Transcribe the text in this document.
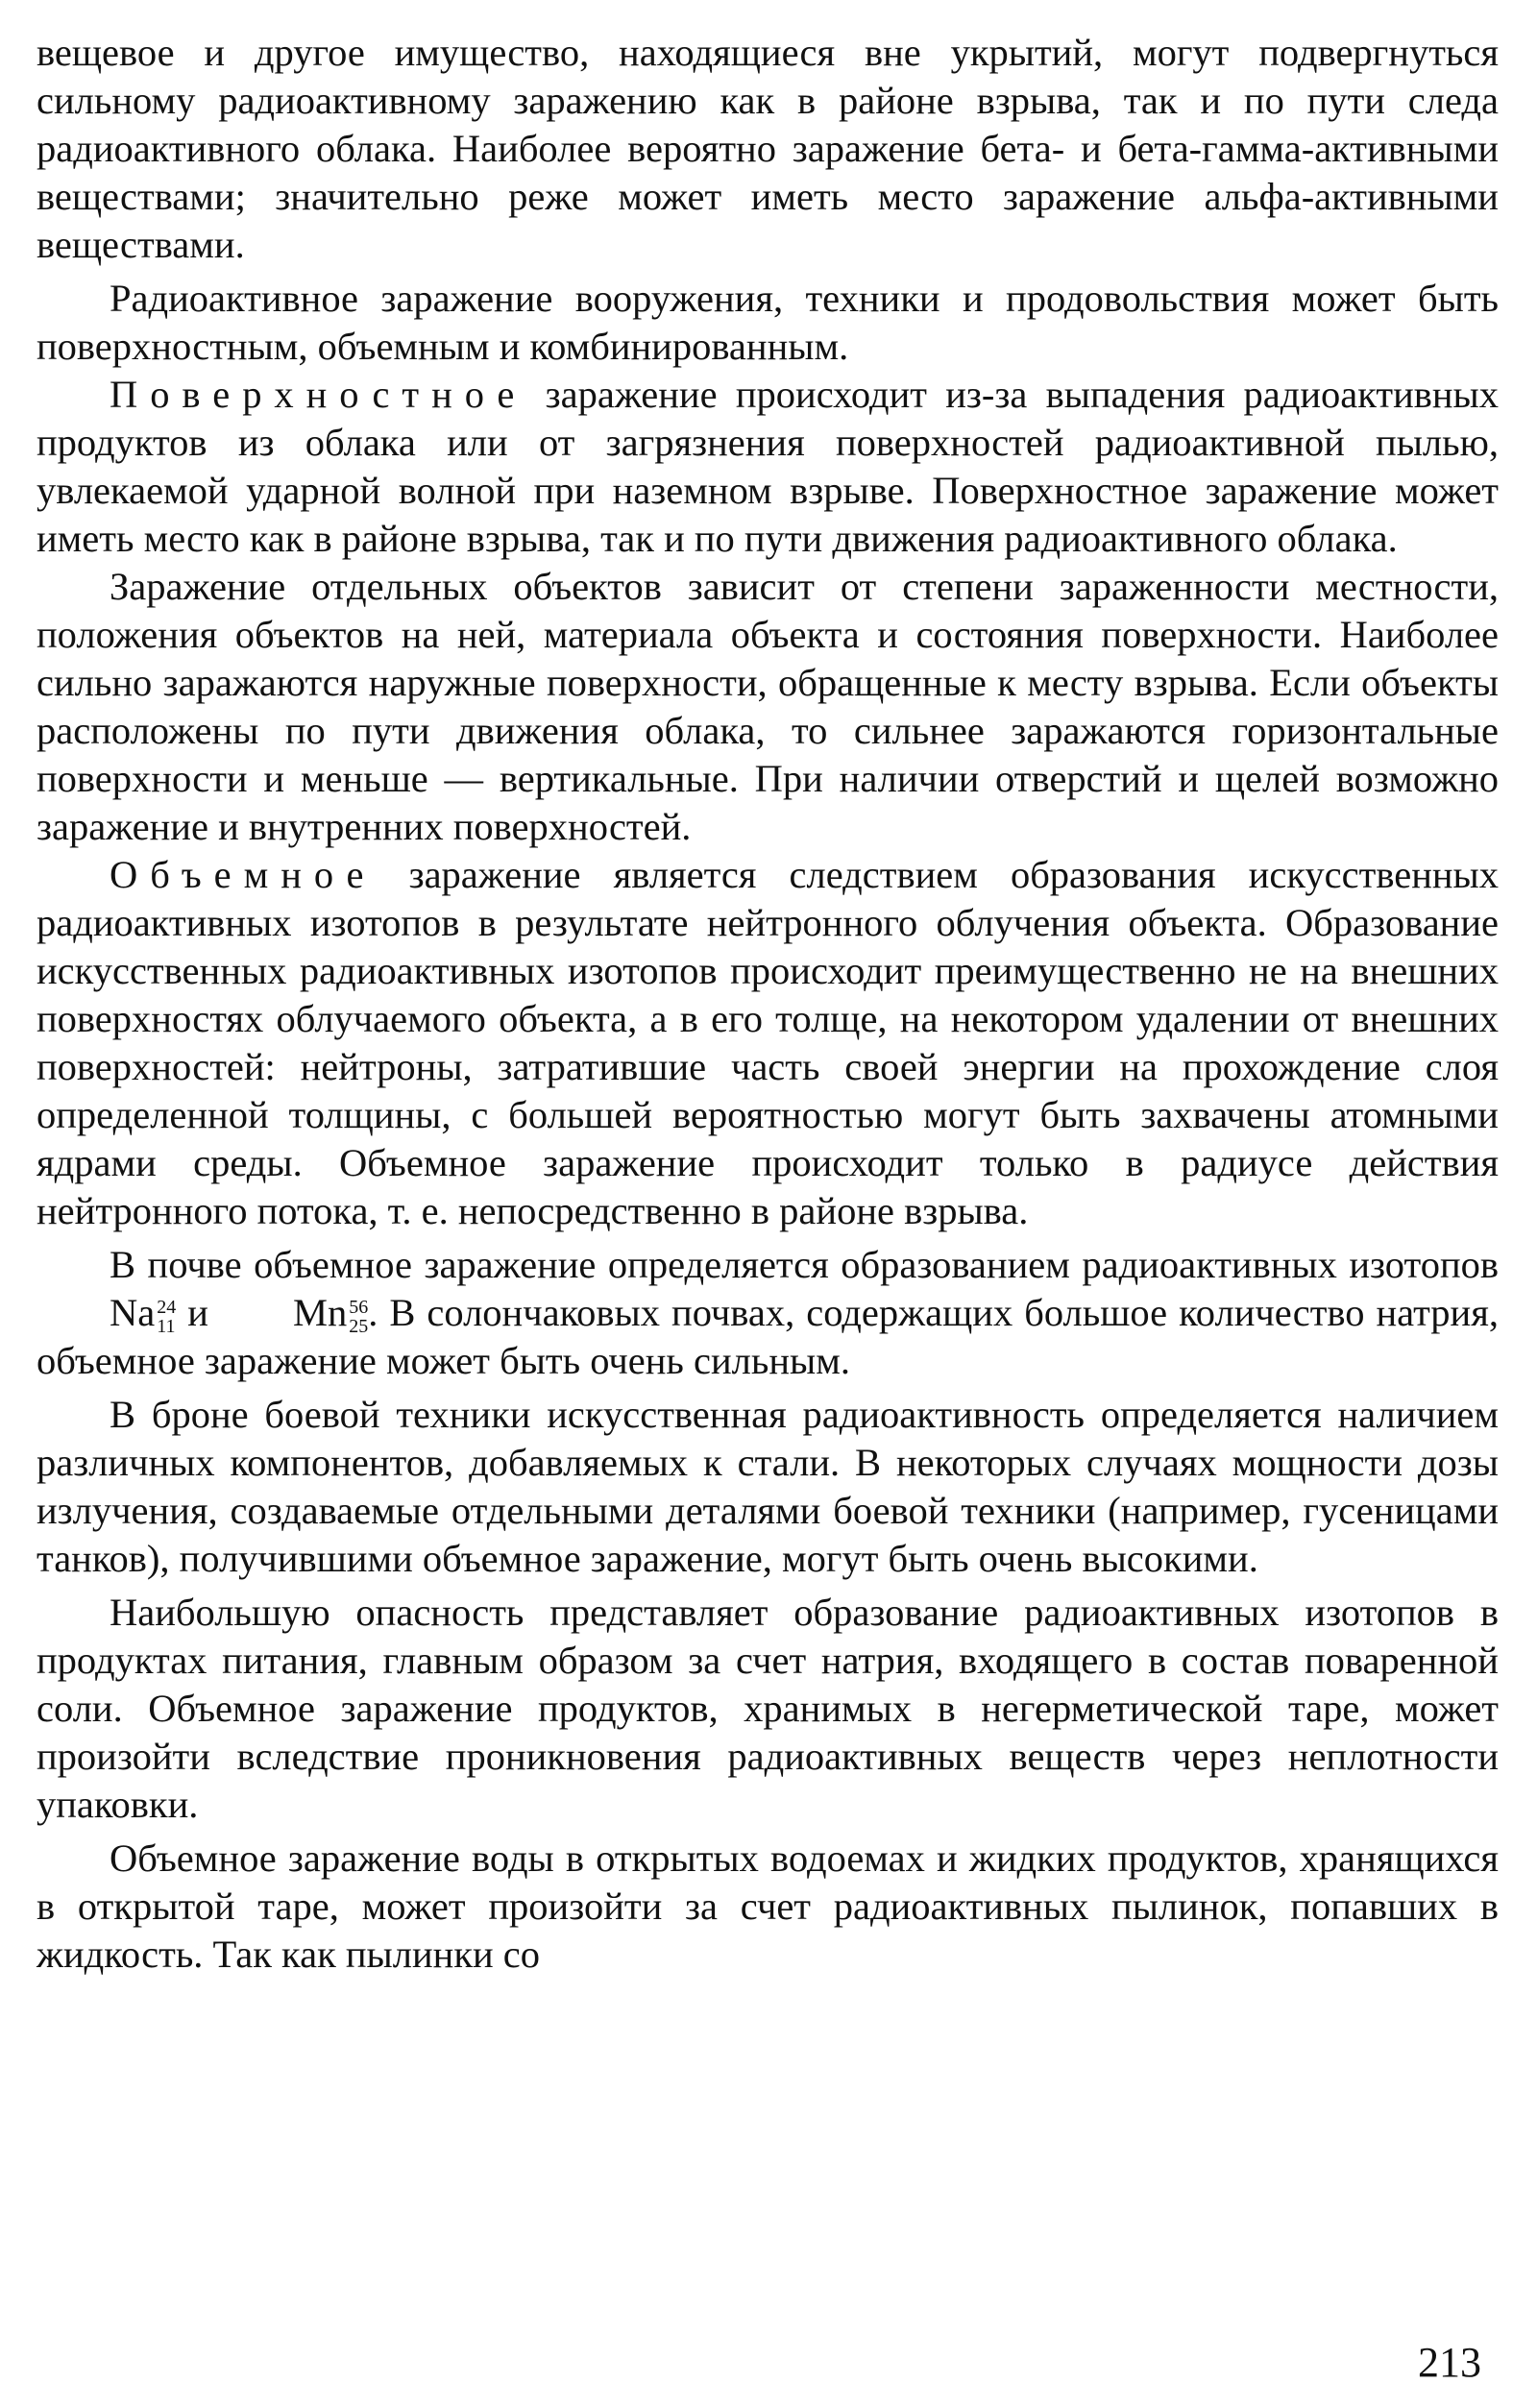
вещевое и другое имущество, находящиеся вне укрытий, могут подвергнуться сильному радиоактивному заражению как в районе взрыва, так и по пути следа радиоактивного облака. Наиболее вероятно заражение бета- и бета-гамма-активными веществами; значительно реже может иметь место заражение альфа-активными веществами.

Радиоактивное заражение вооружения, техники и продовольствия может быть поверхностным, объемным и комбинированным.

Поверхностное заражение происходит из-за выпадения радиоактивных продуктов из облака или от загрязнения поверхностей радиоактивной пылью, увлекаемой ударной волной при наземном взрыве. Поверхностное заражение может иметь место как в районе взрыва, так и по пути движения радиоактивного облака.

Заражение отдельных объектов зависит от степени зараженности местности, положения объектов на ней, материала объекта и состояния поверхности. Наиболее сильно заражаются наружные поверхности, обращенные к месту взрыва. Если объекты расположены по пути движения облака, то сильнее заражаются горизонтальные поверхности и меньше — вертикальные. При наличии отверстий и щелей возможно заражение и внутренних поверхностей.

Объемное заражение является следствием образования искусственных радиоактивных изотопов в результате нейтронного облучения объекта. Образование искусственных радиоактивных изотопов происходит преимущественно не на внешних поверхностях облучаемого объекта, а в его толще, на некотором удалении от внешних поверхностей: нейтроны, затратившие часть своей энергии на прохождение слоя определенной толщины, с большей вероятностью могут быть захвачены атомными ядрами среды. Объемное заражение происходит только в радиусе действия нейтронного потока, т. е. непосредственно в районе взрыва.

В почве объемное заражение определяется образованием радиоактивных изотопов Na 24
11 и Mn 56
25 . В солончаковых почвах, содержащих большое количество натрия, объемное заражение может быть очень сильным.

В броне боевой техники искусственная радиоактивность определяется наличием различных компонентов, добавляемых к стали. В некоторых случаях мощности дозы излучения, создаваемые отдельными деталями боевой техники (например, гусеницами танков), получившими объемное заражение, могут быть очень высокими.

Наибольшую опасность представляет образование радиоактивных изотопов в продуктах питания, главным образом за счет натрия, входящего в состав поваренной соли. Объемное заражение продуктов, хранимых в негерметической таре, может произойти вследствие проникновения радиоактивных веществ через неплотности упаковки.

Объемное заражение воды в открытых водоемах и жидких продуктов, хранящихся в открытой таре, может произойти за счет радиоактивных пылинок, попавших в жидкость. Так как пылинки со

213
